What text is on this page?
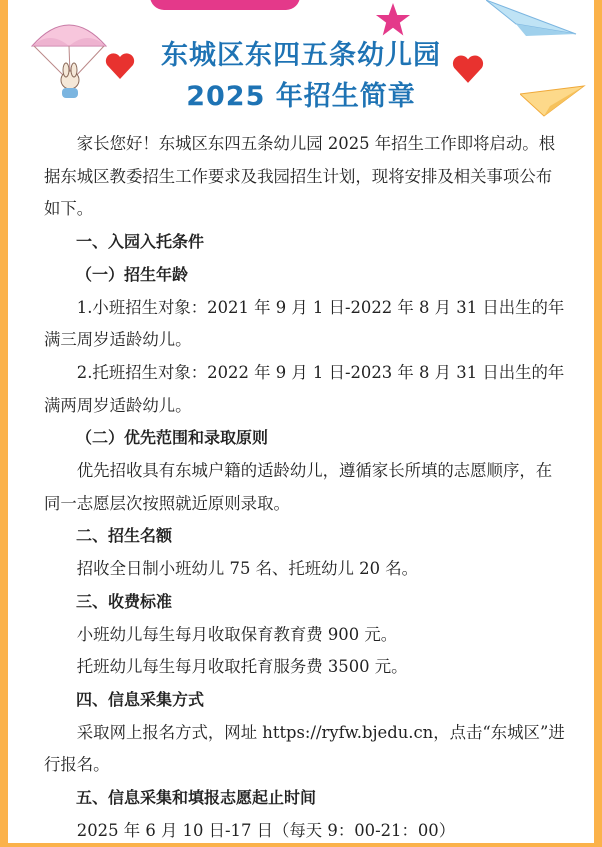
东城区东四五条幼儿园
2025 年招生简章

家长您好！东城区东四五条幼儿园 2025 年招生工作即将启动。根据东城区教委招生工作要求及我园招生计划，现将安排及相关事项公布如下。

一、入园入托条件

（一）招生年龄

1.小班招生对象：2021 年 9 月 1 日-2022 年 8 月 31 日出生的年满三周岁适龄幼儿。

2.托班招生对象：2022 年 9 月 1 日-2023 年 8 月 31 日出生的年满两周岁适龄幼儿。

（二）优先范围和录取原则

优先招收具有东城户籍的适龄幼儿，遵循家长所填的志愿顺序，在同一志愿层次按照就近原则录取。

二、招生名额

招收全日制小班幼儿 75 名、托班幼儿 20 名。

三、收费标准

小班幼儿每生每月收取保育教育费 900 元。

托班幼儿每生每月收取托育服务费 3500 元。

四、信息采集方式

采取网上报名方式，网址 https://ryfw.bjedu.cn，点击“东城区”进行报名。

五、信息采集和填报志愿起止时间

2025 年 6 月 10 日-17 日（每天 9：00-21：00）
